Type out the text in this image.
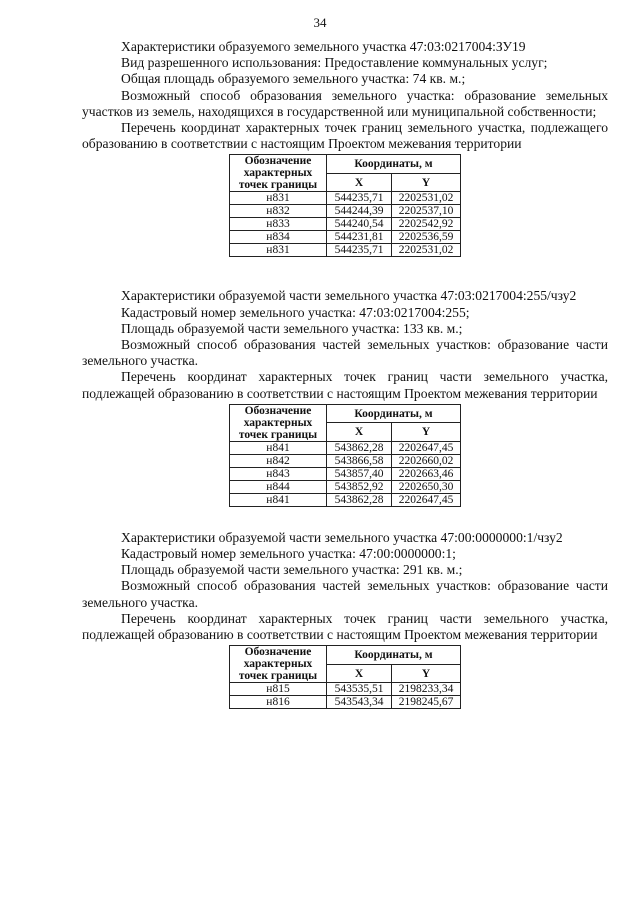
34

Характеристики образуемого земельного участка 47:03:0217004:ЗУ19

Вид разрешенного использования: Предоставление коммунальных услуг;

Общая площадь образуемого земельного участка: 74 кв. м.;

Возможный способ образования земельного участка: образование земельных участков из земель, находящихся в государственной или муниципальной собственности;

Перечень координат характерных точек границ земельного участка, подлежащего образованию в соответствии с настоящим Проектом межевания территории

Обозначение характерных точек границы	Координаты, м	
	X	Y
н831	544235,71	2202531,02
н832	544244,39	2202537,10
н833	544240,54	2202542,92
н834	544231,81	2202536,59
н831	544235,71	2202531,02

Характеристики образуемой части земельного участка 47:03:0217004:255/чзу2

Кадастровый номер земельного участка: 47:03:0217004:255;

Площадь образуемой части земельного участка: 133 кв. м.;

Возможный способ образования частей земельных участков: образование части земельного участка.

Перечень координат характерных точек границ части земельного участка, подлежащей образованию в соответствии с настоящим Проектом межевания территории

Обозначение характерных точек границы	Координаты, м	
	X	Y
н841	543862,28	2202647,45
н842	543866,58	2202660,02
н843	543857,40	2202663,46
н844	543852,92	2202650,30
н841	543862,28	2202647,45

Характеристики образуемой части земельного участка 47:00:0000000:1/чзу2

Кадастровый номер земельного участка: 47:00:0000000:1;

Площадь образуемой части земельного участка: 291 кв. м.;

Возможный способ образования частей земельных участков: образование части земельного участка.

Перечень координат характерных точек границ части земельного участка, подлежащей образованию в соответствии с настоящим Проектом межевания территории

Обозначение характерных точек границы	Координаты, м	
	X	Y
н815	543535,51	2198233,34
н816	543543,34	2198245,67
